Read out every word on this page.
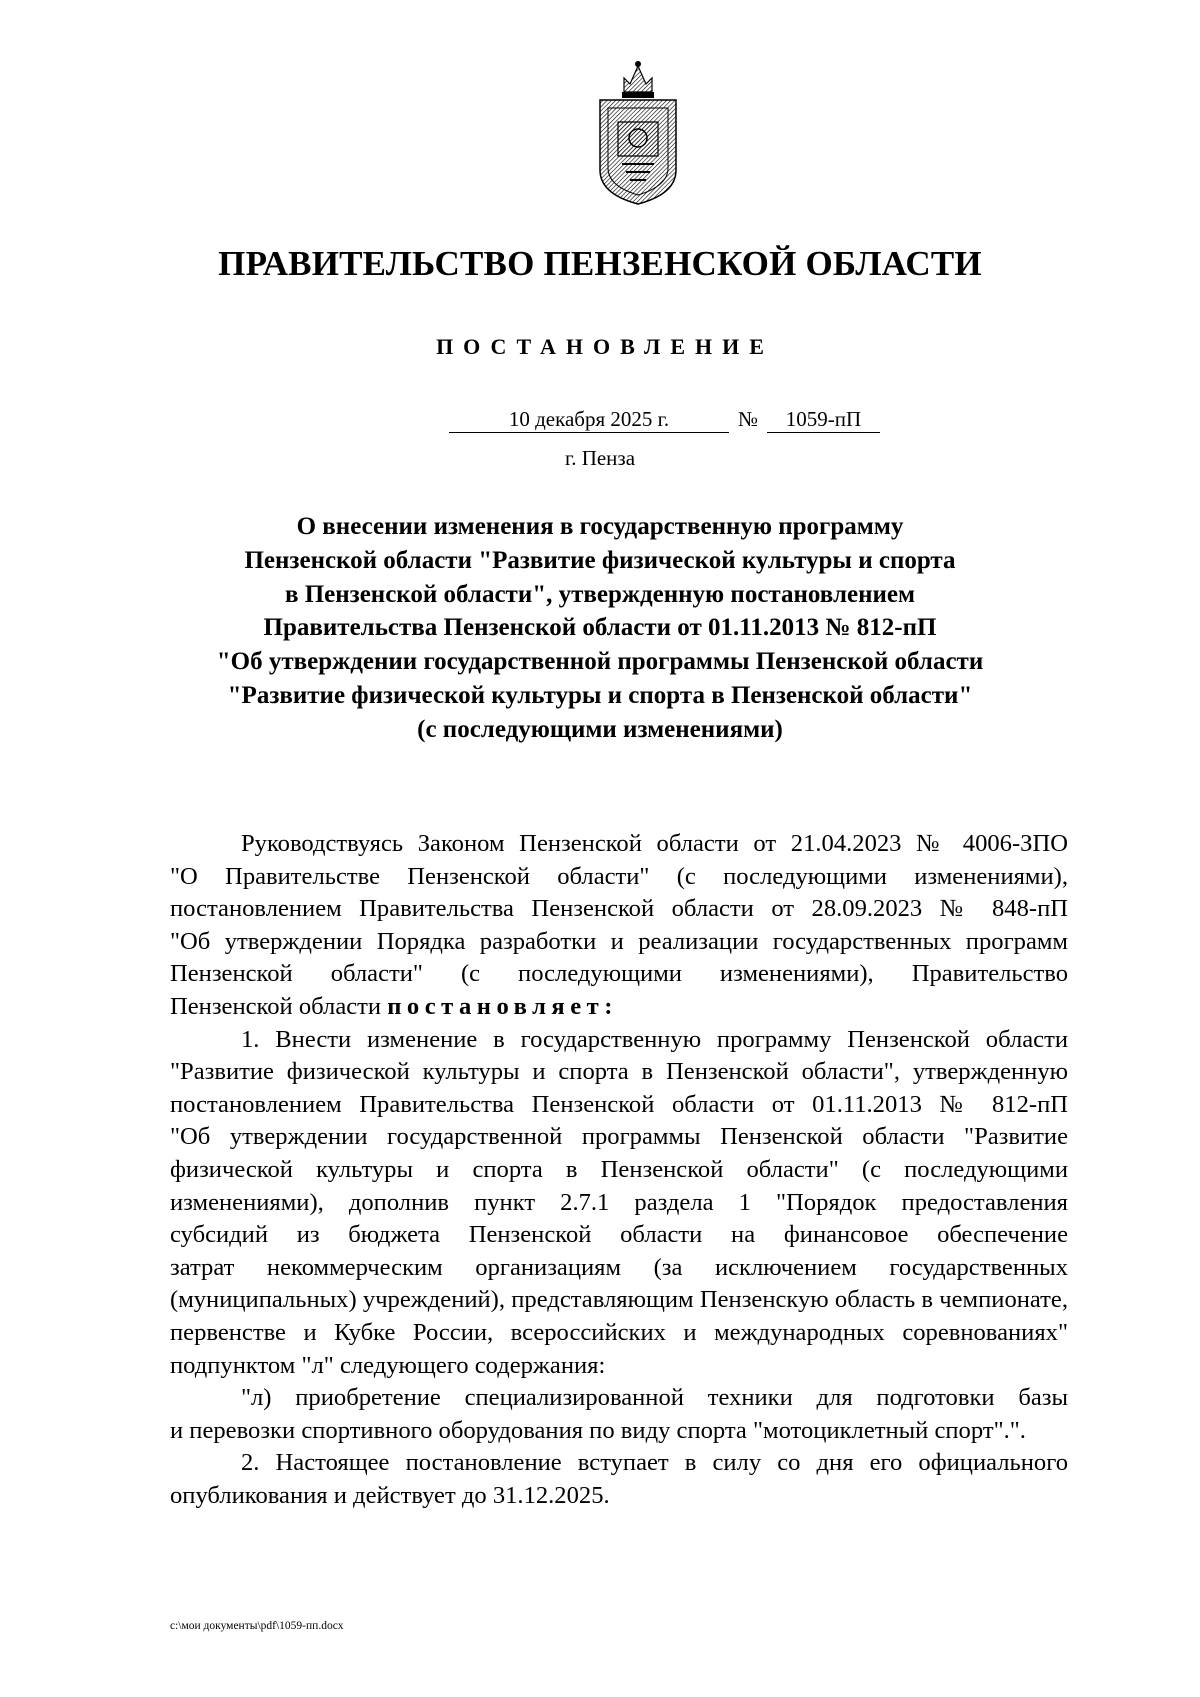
ПРАВИТЕЛЬСТВО ПЕНЗЕНСКОЙ ОБЛАСТИ
ПОСТАНОВЛЕНИЕ
10 декабря 2025 г.	№ 1059-пП
г. Пенза
О внесении изменения в государственную программу
Пензенской области "Развитие физической культуры и спорта
в Пензенской области", утвержденную постановлением
Правительства Пензенской области от 01.11.2013 № 812-пП
"Об утверждении государственной программы Пензенской области
"Развитие физической культуры и спорта в Пензенской области"
(с последующими изменениями)
Руководствуясь Законом Пензенской области от 21.04.2023 № 4006-ЗПО
"О Правительстве Пензенской области" (с последующими изменениями),
постановлением Правительства Пензенской области от 28.09.2023 № 848-пП
"Об утверждении Порядка разработки и реализации государственных программ
Пензенской области" (с последующими изменениями), Правительство
Пензенской области постановляет:
1. Внести изменение в государственную программу Пензенской области
"Развитие физической культуры и спорта в Пензенской области", утвержденную
постановлением Правительства Пензенской области от 01.11.2013 № 812-пП
"Об утверждении государственной программы Пензенской области "Развитие
физической культуры и спорта в Пензенской области" (с последующими
изменениями), дополнив пункт 2.7.1 раздела 1 "Порядок предоставления
субсидий из бюджета Пензенской области на финансовое обеспечение
затрат некоммерческим организациям (за исключением государственных
(муниципальных) учреждений), представляющим Пензенскую область в чемпионате,
первенстве и Кубке России, всероссийских и международных соревнованиях"
подпунктом "л" следующего содержания:
"л) приобретение специализированной техники для подготовки базы
и перевозки спортивного оборудования по виду спорта "мотоциклетный спорт".".
2. Настоящее постановление вступает в силу со дня его официального
опубликования и действует до 31.12.2025.
c:\мои документы\pdf\1059-пп.docx
